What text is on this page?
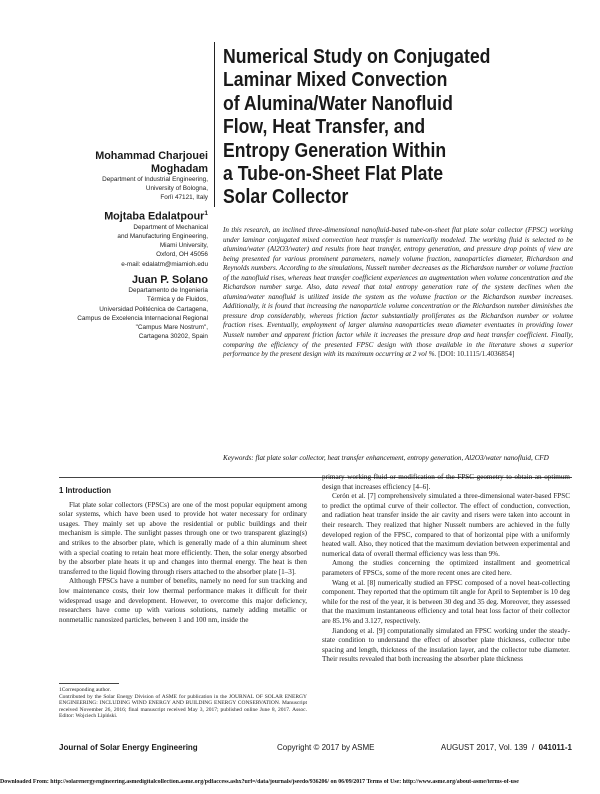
Numerical Study on Conjugated
Laminar Mixed Convection
of Alumina/Water Nanofluid
Flow, Heat Transfer, and
Entropy Generation Within
a Tube-on-Sheet Flat Plate
Solar Collector
Mohammad Charjouei
Moghadam
Department of Industrial Engineering,
University of Bologna,
Forlì 47121, Italy
Mojtaba Edalatpour$^1$
Department of Mechanical
and Manufacturing Engineering,
Miami University,
Oxford, OH 45056
e-mail: edalatm@miamioh.edu
Juan P. Solano
Departamento de Ingeniería
Térmica y de Fluidos,
Universidad Politécnica de Cartagena,
Campus de Excelencia Internacional Regional
"Campus Mare Nostrum",
Cartagena 30202, Spain
In this research, an inclined three-dimensional nanofluid-based tube-on-sheet flat plate solar collector (FPSC) working under laminar conjugated mixed convection heat transfer is numerically modeled. The working fluid is selected to be alumina/water (Al2O3/water) and results from heat transfer, entropy generation, and pressure drop points of view are being presented for various prominent parameters, namely volume fraction, nanoparticles diameter, Richardson and Reynolds numbers. According to the simulations, Nusselt number decreases as the Richardson number or volume fraction of the nanofluid rises, whereas heat transfer coefficient experiences an augmentation when volume concentration and the Richardson number surge. Also, data reveal that total entropy generation rate of the system declines when the alumina/water nanofluid is utilized inside the system as the volume fraction or the Richardson number increases. Additionally, it is found that increasing the nanoparticle volume concentration or the Richardson number diminishes the pressure drop considerably, whereas friction factor substantially proliferates as the Richardson number or volume fraction rises. Eventually, employment of larger alumina nanoparticles mean diameter eventuates in providing lower Nusselt number and apparent friction factor while it increases the pressure drop and heat transfer coefficient. Finally, comparing the efficiency of the presented FPSC design with those available in the literature shows a superior performance by the present design with its maximum occurring at 2 vol %. [DOI: 10.1115/1.4036854]
Keywords: flat plate solar collector, heat transfer enhancement, entropy generation, Al2O3/water nanofluid, CFD
1 Introduction

Flat plate solar collectors (FPSCs) are one of the most popular equipment among solar systems, which have been used to provide hot water necessary for ordinary usages. They mainly set up above the residential or public buildings and their mechanism is simple. The sunlight passes through one or two transparent glazing(s) and strikes to the absorber plate, which is generally made of a thin aluminum sheet with a special coating to retain heat more efficiently. Then, the solar energy absorbed by the absorber plate heats it up and changes into thermal energy. The heat is then transferred to the liquid flowing through risers attached to the absorber plate [1–3].

Although FPSCs have a number of benefits, namely no need for sun tracking and low maintenance costs, their low thermal performance makes it difficult for their widespread usage and development. However, to overcome this major deficiency, researchers have come up with various solutions, namely adding metallic or nonmetallic nanosized particles, between 1 and 100 nm, inside the

primary working fluid or modification of the FPSC geometry to obtain an optimum design that increases efficiency [4–6].

Cerón et al. [7] comprehensively simulated a three-dimensional water-based FPSC to predict the optimal curve of their collector. The effect of conduction, convection, and radiation heat transfer inside the air cavity and risers were taken into account in their research. They realized that higher Nusselt numbers are achieved in the fully developed region of the FPSC, compared to that of horizontal pipe with a uniformly heated wall. Also, they noticed that the maximum deviation between experimental and numerical data of overall thermal efficiency was less than 9%.

Among the studies concerning the optimized installment and geometrical parameters of FPSCs, some of the more recent ones are cited here.

Wang et al. [8] numerically studied an FPSC composed of a novel heat-collecting component. They reported that the optimum tilt angle for April to September is 10 deg while for the rest of the year, it is between 30 deg and 35 deg. Moreover, they assessed that the maximum instantaneous efficiency and total heat loss factor of their collector are 85.1% and 3.127, respectively.

Jiandong et al. [9] computationally simulated an FPSC working under the steady-state condition to understand the effect of absorber plate thickness, collector tube spacing and length, thickness of the insulation layer, and the collector tube diameter. Their results revealed that both increasing the absorber plate thickness

1Corresponding author.

Contributed by the Solar Energy Division of ASME for publication in the JOURNAL OF SOLAR ENERGY ENGINEERING: INCLUDING WIND ENERGY AND BUILDING ENERGY CONSERVATION. Manuscript received November 26, 2016; final manuscript received May 3, 2017; published online June 8, 2017. Assoc. Editor: Wojciech Lipiński.

Journal of Solar Energy Engineering	Copyright © 2017 by ASME	AUGUST 2017, Vol. 139  /  041011-1
Downloaded From: http://solarenergyengineering.asmedigitalcollection.asme.org/pdfaccess.ashx?url=/data/journals/jseedo/936206/ on 06/09/2017 Terms of Use: http://www.asme.org/about-asme/terms-of-use
